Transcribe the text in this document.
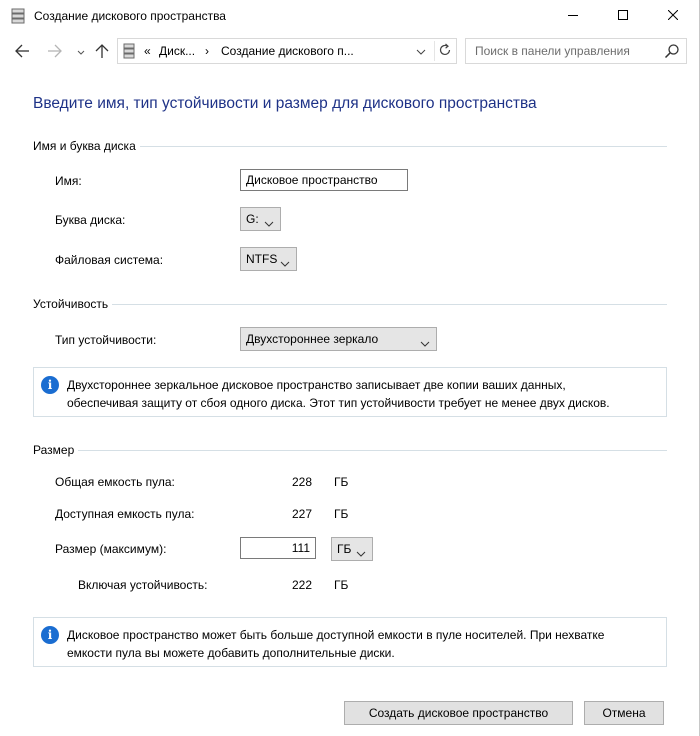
Создание дискового пространства
« Диск... › Создание дискового п...	Поиск в панели управления
Введите имя, тип устойчивости и размер для дискового пространства
Имя и буква диска
Имя:	Дисковое пространство
Буква диска:	G:
Файловая система:	NTFS
Устойчивость
Тип устойчивости:	Двухстороннее зеркало
i	Двухстороннее зеркальное дисковое пространство записывает две копии ваших данных,
обеспечивая защиту от сбоя одного диска. Этот тип устойчивости требует не менее двух дисков.
Размер
Общая емкость пула:	228 ГБ
Доступная емкость пула:	227 ГБ
Размер (максимум):	111	ГБ
Включая устойчивость:	222 ГБ
i	Дисковое пространство может быть больше доступной емкости в пуле носителей. При нехватке
емкости пула вы можете добавить дополнительные диски.
Создать дисковое пространство	Отмена
